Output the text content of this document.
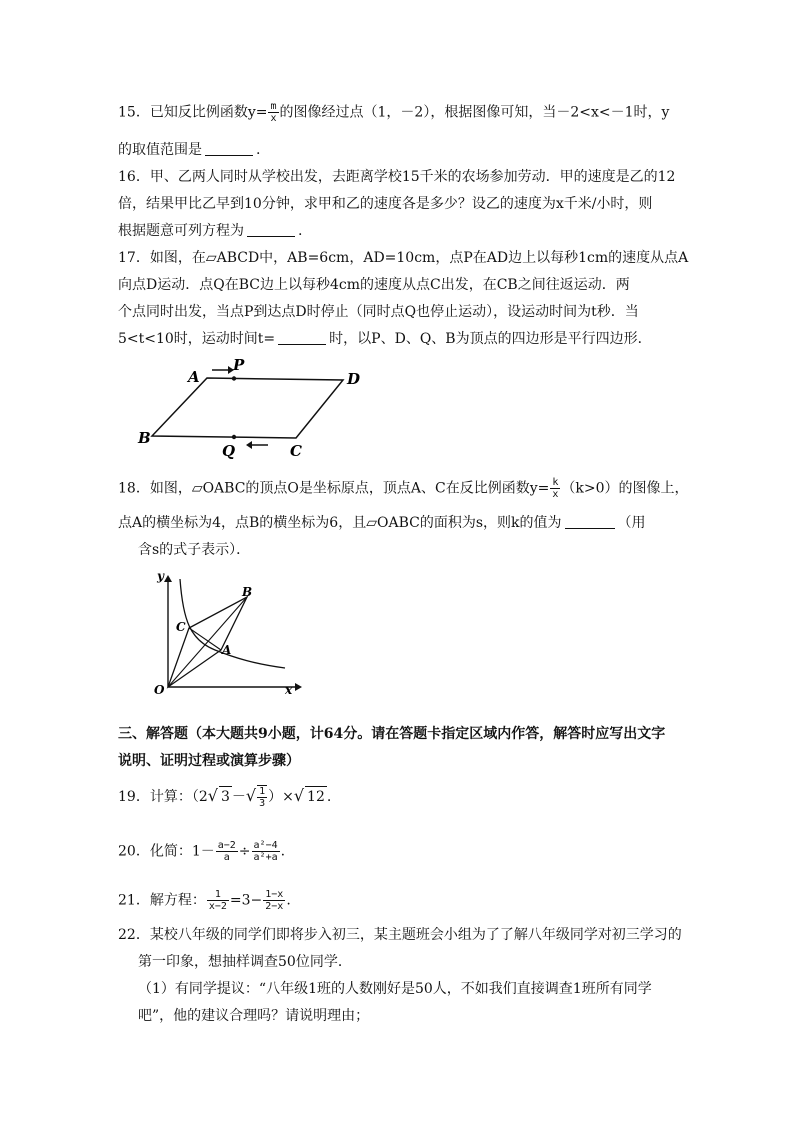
15．已知反比例函数$y= \frac{m}{x}$ 的图像经过点（1，－2），根据图像可知，当－2<x<－1时，y
的取值范围是	.
16．甲、乙两人同时从学校出发，去距离学校15千米的农场参加劳动．甲的速度是乙的12
倍，结果甲比乙早到10分钟，求甲和乙的速度各是多少？设乙的速度为x千米/小时，则
根据题意可列方程为	.
17．如图，在▱ABCD中，AB=6cm，AD=10cm，点P在AD边上以每秒1cm的速度从点A
向点D运动．点Q在BC边上以每秒4cm的速度从点C出发，在CB之间往返运动．两
个点同时出发，当点P到达点D时停止（同时点Q也停止运动），设运动时间为t秒．当
5<t<10时，运动时间t=	时，以P、D、Q、B为顶点的四边形是平行四边形．
A
P
D
B
Q	C
18．如图，▱OABC的顶点O是坐标原点，顶点A、C在反比例函数$y= \frac{k}{x} (k>0)$的图像上，
点A的横坐标为4，点B的横坐标为6，且▱OABC的面积为s，则k的值为	（用
含s的式子表示）．
y
x
O
A
B
C
三、解答题（本大题共9小题，计64分。请在答题卡指定区域内作答，解答时应写出文字
说明、证明过程或演算步骤）
19．计算：（2√ 3 －√ $\frac{1}{3}$ ）×√ 12 .
20．化简：$1- \frac{a-2}{a} \div \frac{\text{a²−4}}{\text{a²+a}}$ .
21．解方程： $\frac{1}{x-2} =3- \frac{1-x}{2-x}$ .
22．某校八年级的同学们即将步入初三，某主题班会小组为了了解八年级同学对初三学习的
第一印象，想抽样调查50位同学．
（1）有同学提议：“八年级1班的人数刚好是50人，不如我们直接调查1班所有同学
吧”，他的建议合理吗？请说明理由；
